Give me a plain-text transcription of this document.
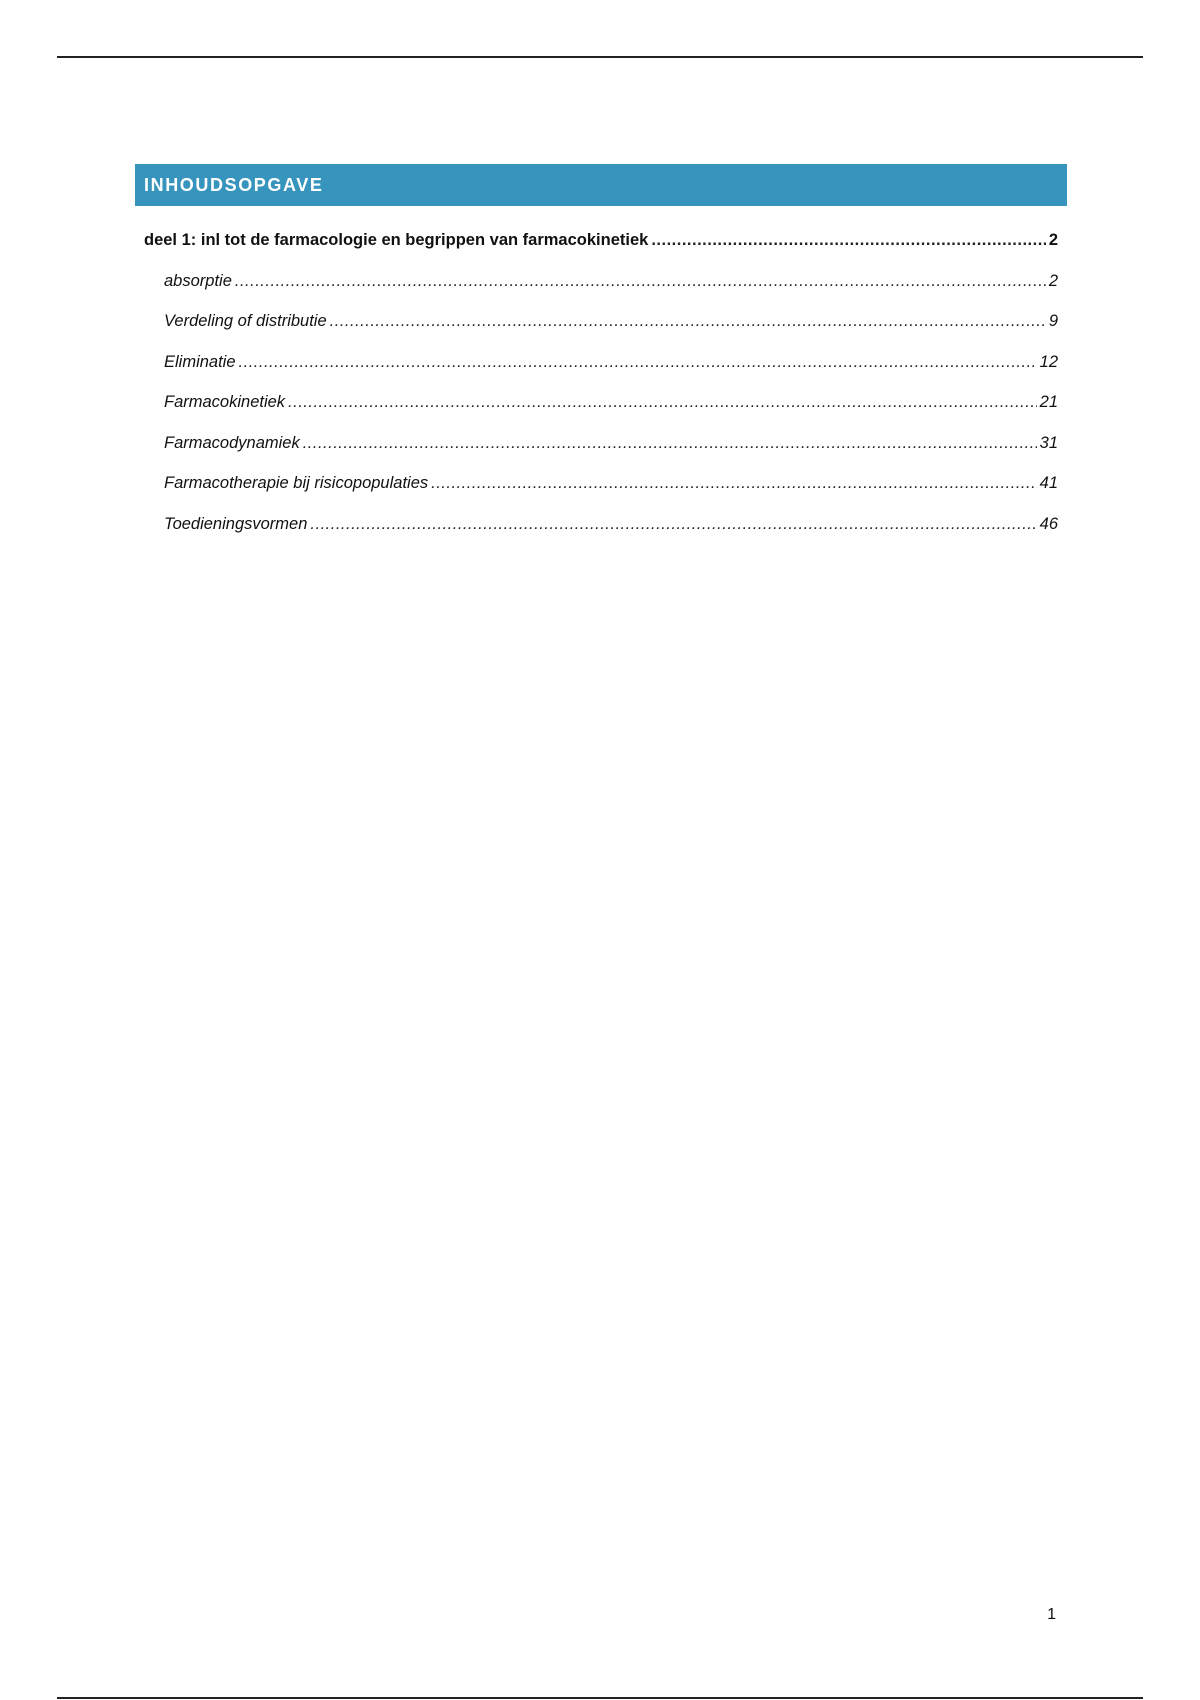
INHOUDSOPGAVE
deel 1: inl tot de farmacologie en begrippen van farmacokinetiek .....	2
absorptie .....	2
Verdeling of distributie .....	9
Eliminatie .....	12
Farmacokinetiek .....	21
Farmacodynamiek .....	31
Farmacotherapie bij risicopopulaties .....	41
Toedieningsvormen .....	46
1
